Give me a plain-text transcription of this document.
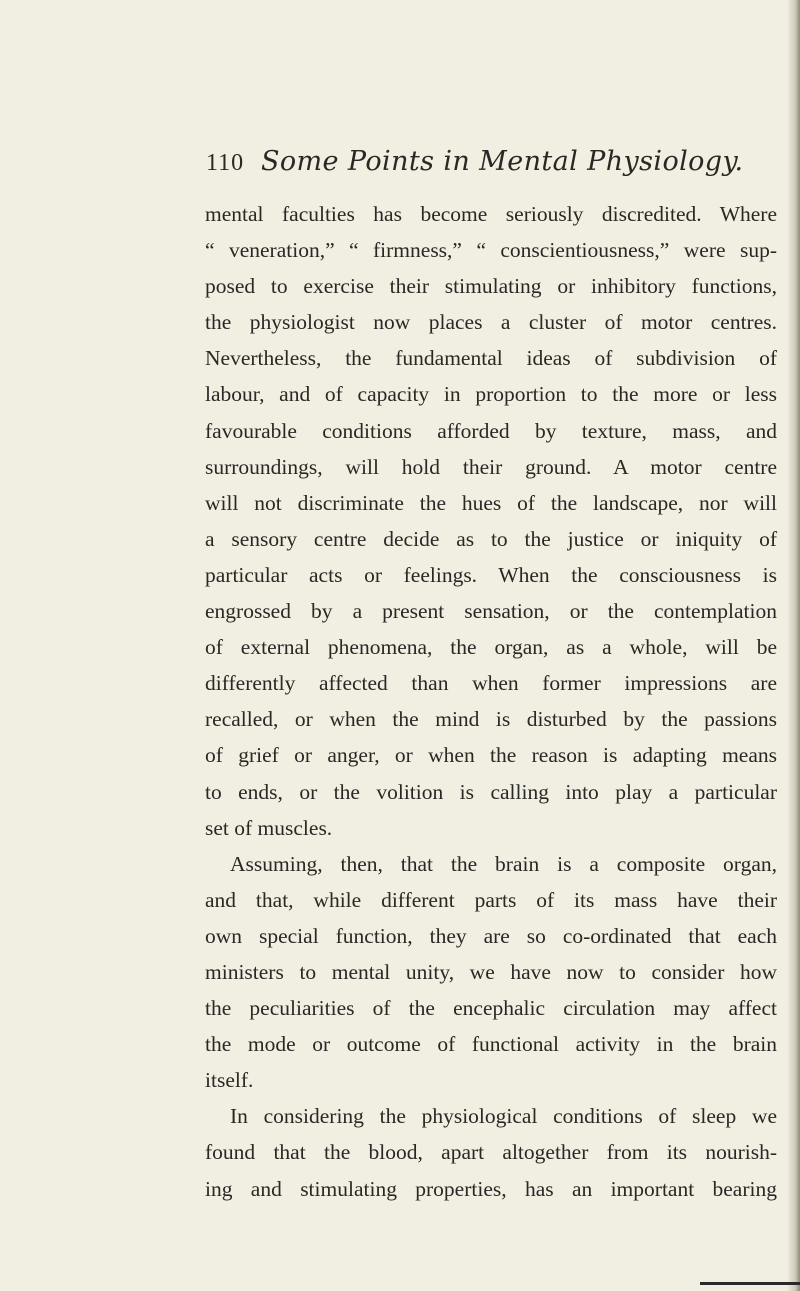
110 Some Points in Mental Physiology.
mental faculties has become seriously discredited. Where
“ veneration,” “ firmness,” “ conscientiousness,” were sup-
posed to exercise their stimulating or inhibitory functions,
the physiologist now places a cluster of motor centres.
Nevertheless, the fundamental ideas of subdivision of
labour, and of capacity in proportion to the more or less
favourable conditions afforded by texture, mass, and
surroundings, will hold their ground. A motor centre
will not discriminate the hues of the landscape, nor will
a sensory centre decide as to the justice or iniquity of
particular acts or feelings. When the consciousness is
engrossed by a present sensation, or the contemplation
of external phenomena, the organ, as a whole, will be
differently affected than when former impressions are
recalled, or when the mind is disturbed by the passions
of grief or anger, or when the reason is adapting means
to ends, or the volition is calling into play a particular
set of muscles.
Assuming, then, that the brain is a composite organ,
and that, while different parts of its mass have their
own special function, they are so co-ordinated that each
ministers to mental unity, we have now to consider how
the peculiarities of the encephalic circulation may affect
the mode or outcome of functional activity in the brain
itself.
In considering the physiological conditions of sleep we
found that the blood, apart altogether from its nourish-
ing and stimulating properties, has an important bearing
